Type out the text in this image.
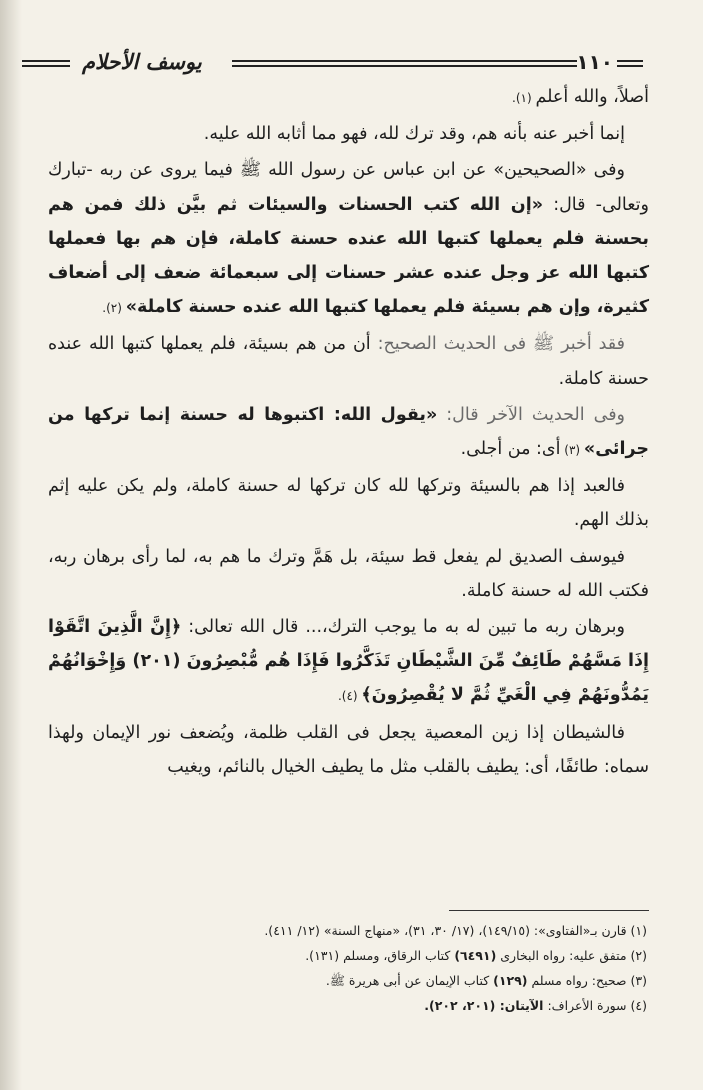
يوسف الأحلام	١١٠

أصلاً، والله أعلم (١).

إنما أخبر عنه بأنه هم، وقد ترك لله، فهو مما أثابه الله عليه.

وفى «الصحيحين» عن ابن عباس عن رسول الله ﷺ فيما يروى عن ربه -تبارك وتعالى- قال: «إن الله كتب الحسنات والسيئات ثم بيَّن ذلك فمن هم بحسنة فلم يعملها كتبها الله عنده حسنة كاملة، فإن هم بها فعملها كتبها الله عز وجل عنده عشر حسنات إلى سبعمائة ضعف إلى أضعاف كثيرة، وإن هم بسيئة فلم يعملها كتبها الله عنده حسنة كاملة» (٢).

فقد أخبر ﷺ فى الحديث الصحيح: أن من هم بسيئة، فلم يعملها كتبها الله عنده حسنة كاملة.

وفى الحديث الآخر قال: «يقول الله: اكتبوها له حسنة إنما تركها من جرائى» (٣) أى: من أجلى.

فالعبد إذا هم بالسيئة وتركها لله كان تركها له حسنة كاملة، ولم يكن عليه إثم بذلك الهم.

فيوسف الصديق لم يفعل قط سيئة، بل هَمَّ وترك ما هم به، لما رأى برهان ربه، فكتب الله له حسنة كاملة.

وبرهان ربه ما تبين له به ما يوجب الترك،... قال الله تعالى: ﴿إِنَّ الَّذِينَ اتَّقَوْا إِذَا مَسَّهُمْ طَائِفٌ مِّنَ الشَّيْطَانِ تَذَكَّرُوا فَإِذَا هُم مُّبْصِرُونَ (٢٠١) وَإِخْوَانُهُمْ يَمُدُّونَهُمْ فِي الْغَيِّ ثُمَّ لا يُقْصِرُونَ﴾ (٤).

فالشيطان إذا زين المعصية يجعل فى القلب ظلمة، ويُضعف نور الإيمان ولهذا سماه: طائفًا، أى: يطيف بالقلب مثل ما يطيف الخيال بالنائم، ويغيب

(١) قارن بـ«الفتاوى»: (١٤٩/١٥)، (١٧/ ٣٠، ٣١)، «منهاج السنة» (١٢/ ٤١١).
(٢) متفق عليه: رواه البخارى (٦٤٩١) كتاب الرقاق، ومسلم (١٣١).
(٣) صحيح: رواه مسلم (١٢٩) كتاب الإيمان عن أبى هريرة ﷺ.
(٤) سورة الأعراف: الآيتان: (٢٠١، ٢٠٢).
